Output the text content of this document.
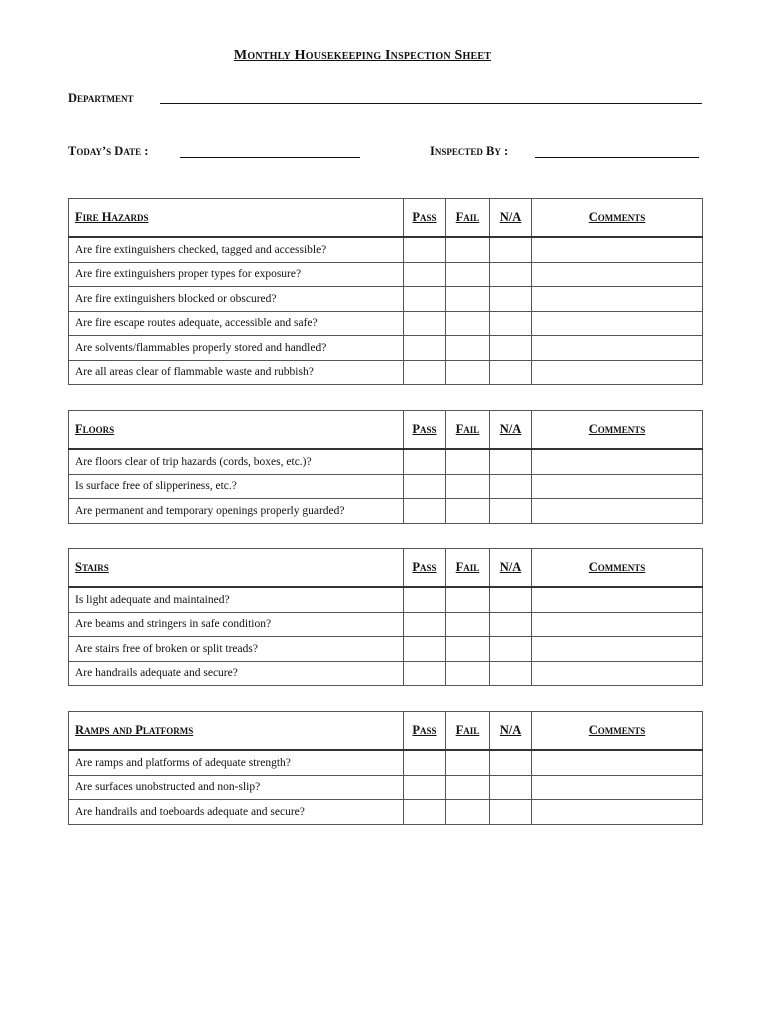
Monthly Housekeeping Inspection Sheet
Department
Today’s Date :	Inspected By :
Fire Hazards	Pass	Fail	N/A	Comments
Are fire extinguishers checked, tagged and accessible?				
Are fire extinguishers proper types for exposure?				
Are fire extinguishers blocked or obscured?				
Are fire escape routes adequate, accessible and safe?				
Are solvents/flammables properly stored and handled?				
Are all areas clear of flammable waste and rubbish?				
Floors	Pass	Fail	N/A	Comments
Are floors clear of trip hazards (cords, boxes, etc.)?				
Is surface free of slipperiness, etc.?				
Are permanent and temporary openings properly guarded?				
Stairs	Pass	Fail	N/A	Comments
Is light adequate and maintained?				
Are beams and stringers in safe condition?				
Are stairs free of broken or split treads?				
Are handrails adequate and secure?				
Ramps and Platforms	Pass	Fail	N/A	Comments
Are ramps and platforms of adequate strength?				
Are surfaces unobstructed and non-slip?				
Are handrails and toeboards adequate and secure?				
